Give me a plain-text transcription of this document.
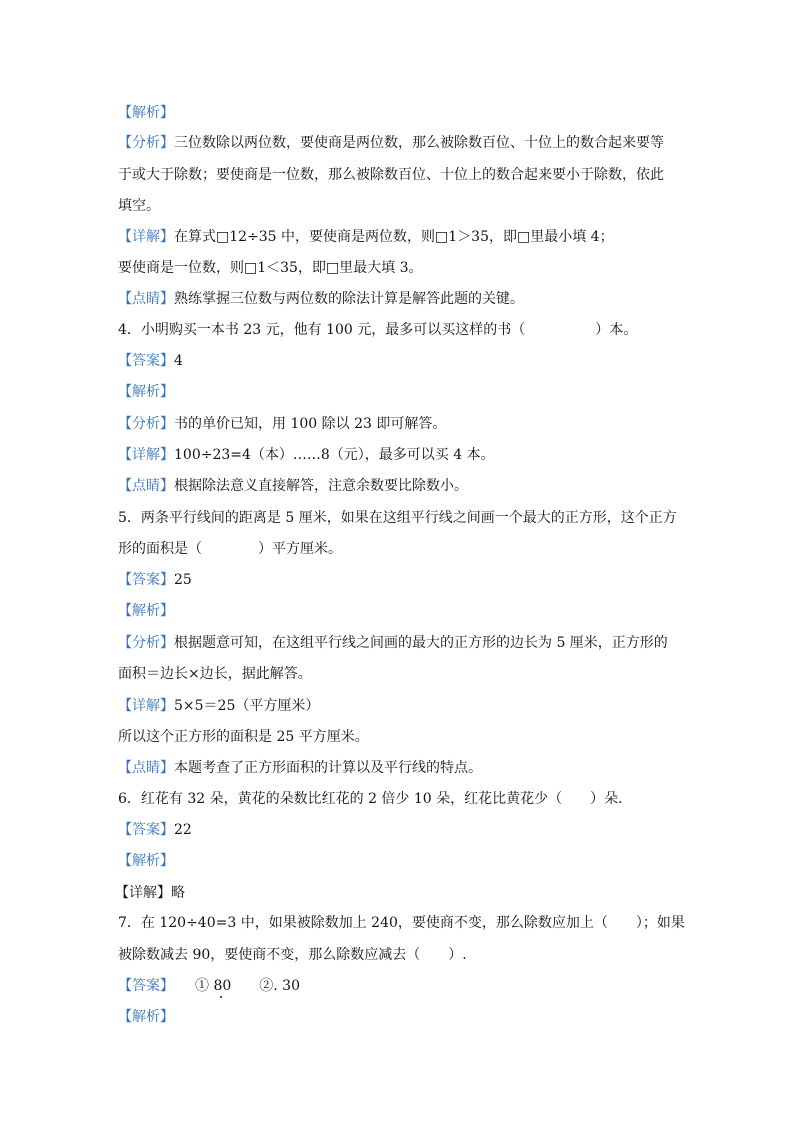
【解析】
【分析】三位数除以两位数，要使商是两位数，那么被除数百位、十位上的数合起来要等
于或大于除数；要使商是一位数，那么被除数百位、十位上的数合起来要小于除数，依此
填空。
【详解】在算式□12÷35 中，要使商是两位数，则□1＞35，即□里最小填 4；
要使商是一位数，则□1＜35，即□里最大填 3。
【点睛】熟练掌握三位数与两位数的除法计算是解答此题的关键。
4．小明购买一本书 23 元，他有 100 元，最多可以买这样的书（　　　　　）本。
【答案】4
【解析】
【分析】书的单价已知，用 100 除以 23 即可解答。
【详解】100÷23=4（本）……8（元），最多可以买 4 本。
【点睛】根据除法意义直接解答，注意余数要比除数小。
5．两条平行线间的距离是 5 厘米，如果在这组平行线之间画一个最大的正方形，这个正方
形的面积是（　　　　）平方厘米。
【答案】25
【解析】
【分析】根据题意可知，在这组平行线之间画的最大的正方形的边长为 5 厘米，正方形的
面积＝边长×边长，据此解答。
【详解】5×5＝25（平方厘米）
所以这个正方形的面积是 25 平方厘米。
【点睛】本题考查了正方形面积的计算以及平行线的特点。
6．红花有 32 朵，黄花的朵数比红花的 2 倍少 10 朵，红花比黄花少（　　）朵．
【答案】22
【解析】
【详解】略
7．在 120÷40=3 中，如果被除数加上 240，要使商不变，那么除数应加上（　　）；如果
被除数减去 90，要使商不变，那么除数应减去（　　）.
【答案】　　① 80　　②. 30
【解析】
